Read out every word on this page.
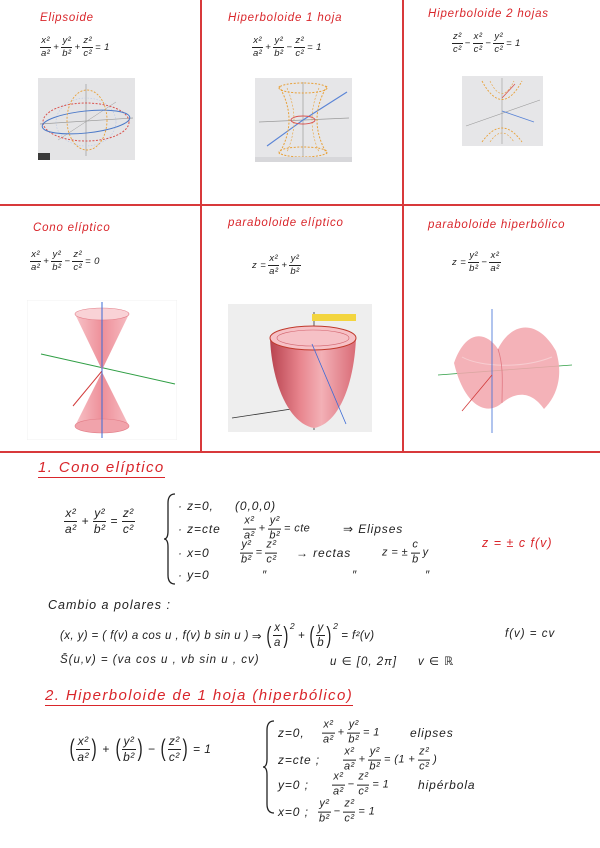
Elipsoide
$\frac{\text{x²}}{\text{a²}} + \frac{\text{y²}}{\text{b²}} + \frac{\text{z²}}{\text{c²}} = 1$
Hiperboloide 1 hoja
$\frac{\text{x²}}{\text{a²}} + \frac{\text{y²}}{\text{b²}} - \frac{\text{z²}}{\text{c²}} = 1$
Hiperboloide 2 hojas
$\frac{\text{z²}}{\text{c²}} - \frac{\text{x²}}{\text{c²}} - \frac{\text{y²}}{\text{c²}} = 1$
Cono elíptico
$\frac{\text{x²}}{\text{a²}} + \frac{\text{y²}}{\text{b²}} - \frac{\text{z²}}{\text{c²}} = 0$
paraboloide elíptico
$z = \frac{\text{x²}}{\text{a²}} + \frac{\text{y²}}{\text{b²}}$
paraboloide hiperbólico
$z = \frac{\text{y²}}{\text{b²}} - \frac{\text{x²}}{\text{a²}}$
1. Cono elíptico
$\frac{\text{x²}}{\text{a²}} + \frac{\text{y²}}{\text{b²}} = \frac{\text{z²}}{\text{c²}}$
· z=0, (0,0,0)
· $z=cte \frac{\text{x²}}{\text{a²}} + \frac{\text{y²}}{\text{b²}}$ = cte	⇒ Elipses
· x=0	$\frac{\text{y²}}{\text{b²}} = \frac{\text{z²}}{\text{c²}}$ → rectas	z = ± $\frac{c}{b}$ y
· y=0	″	″	″
z = ± c f(v)
Cambio a polares :
(x, y) = ( f(v) a cos u , f(v) b sin u ) ⇒ ( $\frac{x}{a}$ ) 2
+ ( $\frac{y}{b}$ ) 2
= f²(v)	f(v) = cv
S̄(u,v) = (va cos u , vb sin u , cv)	u ∈ [0, 2π] v ∈ ℝ
2. Hiperboloide de 1 hoja (hiperbólico)
( $\frac{\text{x²}}{\text{a²}}$ ) + ( $\frac{\text{y²}}{\text{b²}}$ ) − ( $\frac{\text{z²}}{\text{c²}}$ ) = 1
z=0, $\frac{\text{x²}}{\text{a²}} + \frac{\text{y²}}{\text{b²}} = 1$	elipses
z=cte ; $\frac{\text{x²}}{\text{a²}} + \frac{\text{y²}}{\text{b²}} = (1 + \frac{\text{z²}}{\text{c²}}$ )
y=0 ; $\frac{\text{x²}}{\text{a²}} - \frac{\text{z²}}{\text{c²}} = 1$ hipérbola
x=0 ; $\frac{\text{y²}}{\text{b²}} - \frac{\text{z²}}{\text{c²}} = 1$
